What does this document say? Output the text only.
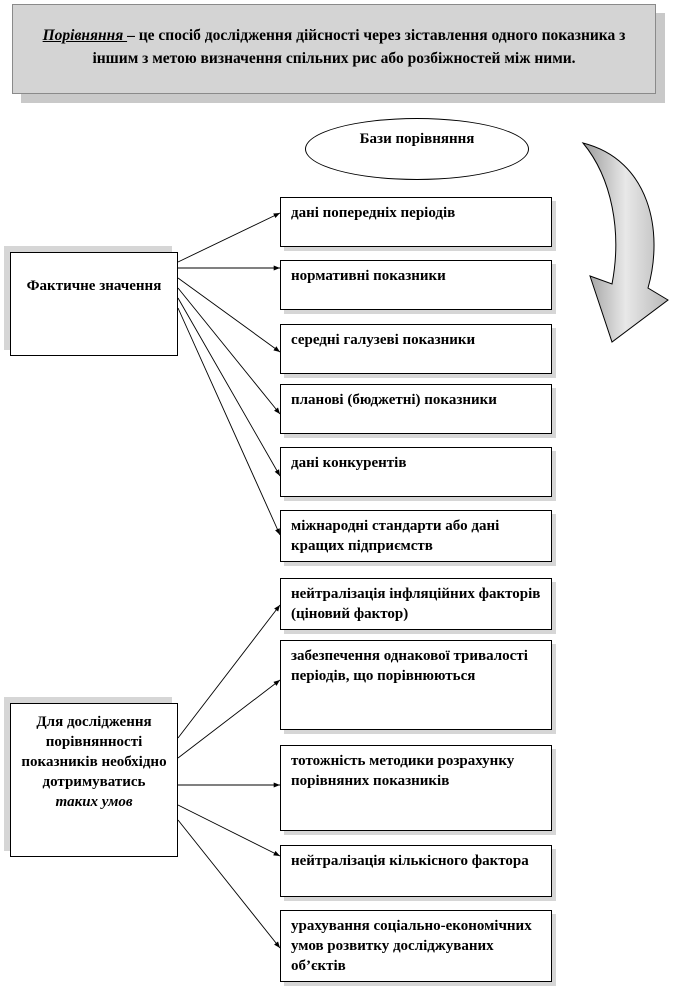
Порівняння – це спосіб дослідження дійсності через зіставлення одного показника з іншим з метою визначення спільних рис або розбіжностей між ними.
Бази порівняння
Фактичне значення
Для дослідження порівнянності показників необхідно дотримуватись
таких умов
дані попередніх періодів
нормативні показники
середні галузеві показники
планові (бюджетні) показники
дані конкурентів
міжнародні стандарти або дані кращих підприємств
нейтралізація інфляційних факторів (ціновий фактор)
забезпечення однакової тривалості періодів, що порівнюються
тотожність методики розрахунку порівняних показників
нейтралізація кількісного фактора
урахування соціально-економічних умов розвитку досліджуваних об’єктів
